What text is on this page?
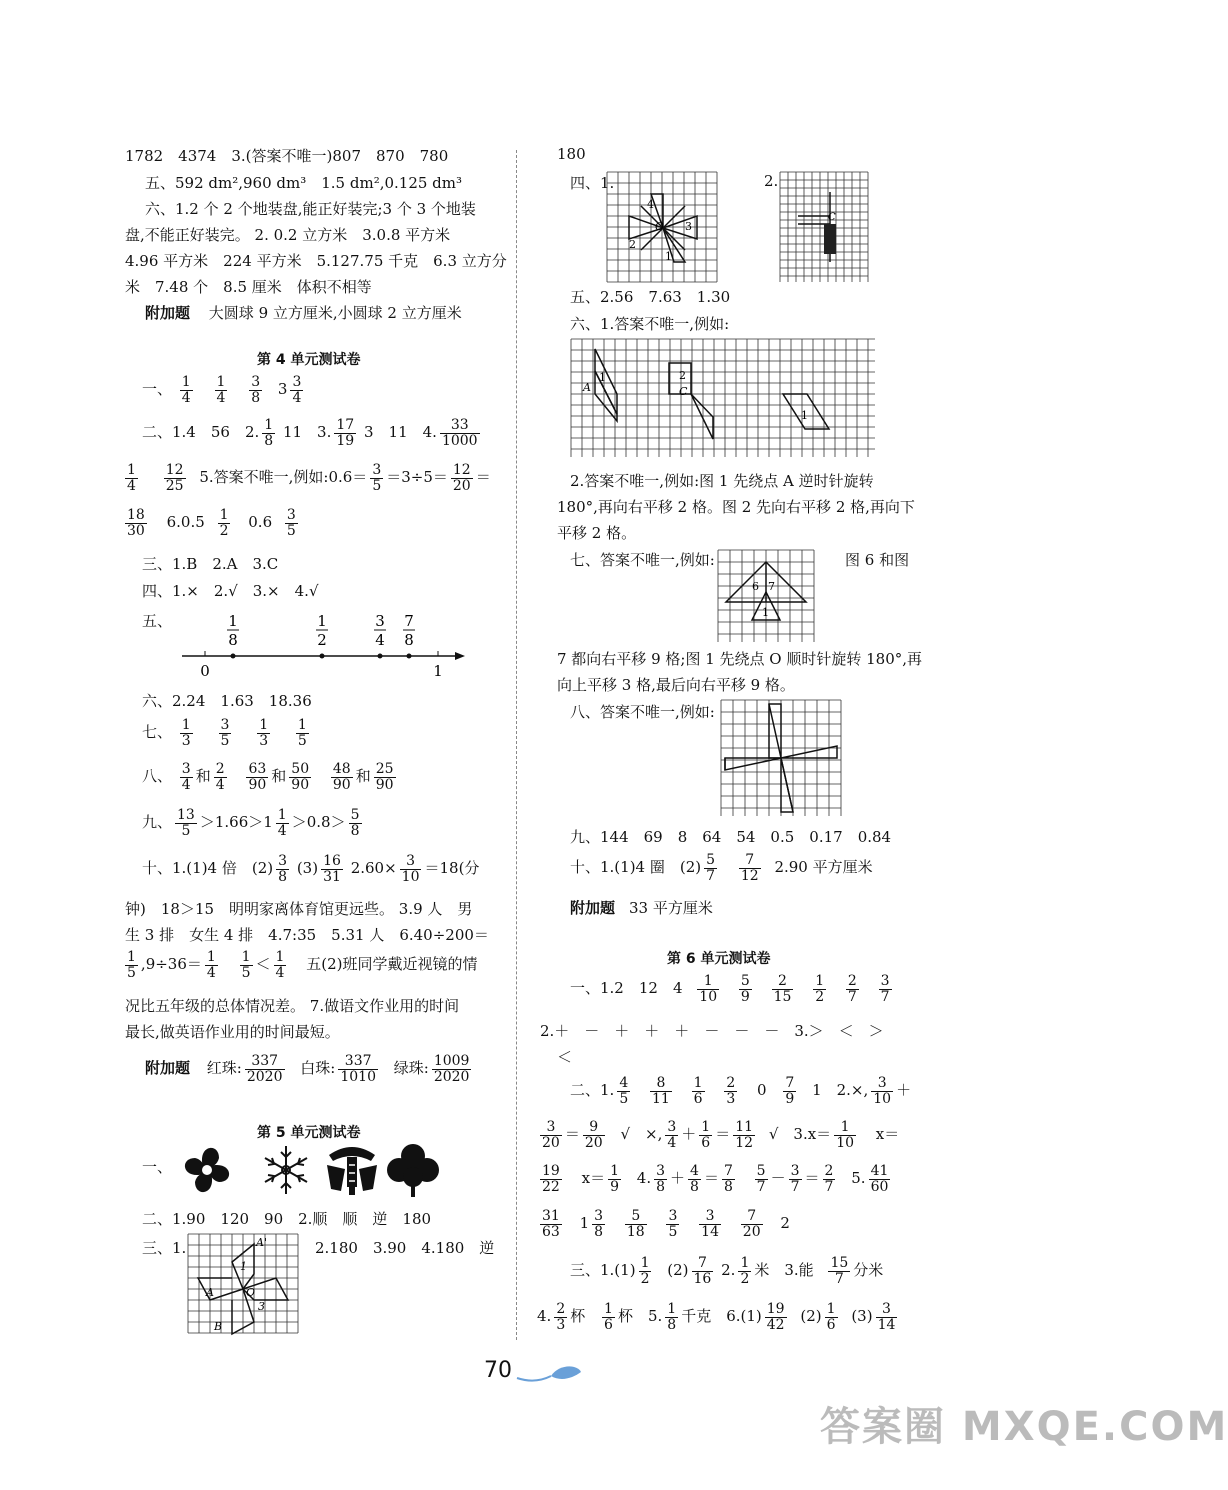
1782　4374　3.(答案不唯一)807　870　780
五、592 dm²,960 dm³　1.5 dm²,0.125 dm³
六、1.2 个 2 个地装盘,能正好装完;3 个 3 个地装
盘,不能正好装完。 2. 0.2 立方米　3.0.8 平方米
4.96 平方米　224 平方米　5.127.75 千克　6.3 立方分
米　7.48 个　8.5 厘米　体积不相等
附加题 大圆球 9 立方厘米,小圆球 2 立方厘米
第 4 单元测试卷
一、 $\frac{1}{4}$
$\frac{1}{4}$
$\frac{3}{8} 3 \frac{3}{4}$
二、1.4　56　2. $\frac{1}{8} 11$　3. $\frac{17}{19} 3$　11　4. $\frac{33}{1000}$
$\frac{1}{4}$
$\frac{12}{25} 5$.答案不唯一,例如:0.6＝ $\frac{3}{5} =3\div 5= \frac{12}{20}$ ＝
$\frac{18}{30} 6.0.5 \frac{1}{2} 0.6 \frac{3}{5}$
三、1.B　2.A　3.C
四、1.×　2.√　3.×　4.√
五、	1
8
1
2
3
4
7
8
0	1
六、2.24　1.63　18.36
七、 $\frac{1}{3}$
$\frac{3}{5}$
$\frac{1}{3}$
$\frac{1}{5}$
八、 $\frac{3}{4}$ 和 $\frac{2}{4}$
$\frac{63}{90}$ 和 $\frac{50}{90}$
$\frac{48}{90}$ 和 $\frac{25}{90}$
九、 $\frac{13}{5} >1.66>1 \frac{1}{4} >0.8> \frac{5}{8}$
十、1.(1)4 倍　$(2) \frac{3}{8} (3) \frac{16}{31} 2.60\times \frac{3}{10} =18$(分
钟)　18＞15　明明家离体育馆更远些。 3.9 人　男
生 3 排　女生 4 排　4.7:35　5.31 人　6.40÷200＝
$\frac{1}{5} ,9\div 36= \frac{1}{4}$
$\frac{1}{5} < \frac{1}{4}$ 五(2)班同学戴近视镜的情
况比五年级的总体情况差。 7.做语文作业用的时间
最长,做英语作业用的时间最短。
附加题 红珠: $\frac{337}{2020}$ 白珠: $\frac{337}{1010}$ 绿珠: $\frac{1009}{2020}$
第 5 单元测试卷
一、
二、1.90　120　90　2.顺　顺　逆　180
三、1.	A'
1
O
3
A
B
2.180　3.90　4.180　逆
180
四、1.
4
3
2
1
O
2.
C
五、2.56　7.63　1.30
六、1.答案不唯一,例如:
1
A
2
C
1
2.答案不唯一,例如:图 1 先绕点 A 逆时针旋转
180°,再向右平移 2 格。图 2 先向右平移 2 格,再向下
平移 2 格。
七、答案不唯一,例如:
6 7
1
图 6 和图
7 都向右平移 9 格;图 1 先绕点 O 顺时针旋转 180°,再
向上平移 3 格,最后向右平移 9 格。
八、答案不唯一,例如:
九、144　69　8　64　54　0.5　0.17　0.84
十、1.(1)4 圈　$(2) \frac{5}{7}$
$\frac{7}{12} 2.90$ 平方厘米
附加题 33 平方厘米
第 6 单元测试卷
一、1.2　12　$4 \frac{1}{10}$
$\frac{5}{9}$
$\frac{2}{15}$
$\frac{1}{2}$
$\frac{2}{7}$
$\frac{3}{7}$
2.＋　－　＋　＋　＋　－　－　－　3.＞　＜　＞
＜
二、1. $\frac{4}{5}$
$\frac{8}{11}$
$\frac{1}{6}$
$\frac{2}{3} 0 \frac{7}{9} 1$　2.×, $\frac{3}{10}$ ＋
$\frac{3}{20} = \frac{9}{20}$ √　×, $\frac{3}{4} + \frac{1}{6} = \frac{11}{12}$ √　$3.x= \frac{1}{10} x=$
$\frac{19}{22} x= \frac{1}{9} 4$. $\frac{3}{8} + \frac{4}{8} = \frac{7}{8}$
$\frac{5}{7} - \frac{3}{7} = \frac{2}{7} 5$. $\frac{41}{60}$
$\frac{31}{63} 1 \frac{3}{8}$
$\frac{5}{18}$
$\frac{3}{5}$
$\frac{3}{14}$
$\frac{7}{20} 2$
三、$1.(1) \frac{1}{2} (2) \frac{7}{16} 2$. $\frac{1}{2}$ 米　3.能 $\frac{15}{7}$ 分米
4. $\frac{2}{3}$ 杯 $\frac{1}{6}$ 杯　5. $\frac{1}{8}$ 千克　$6.(1) \frac{19}{42} (2) \frac{1}{6} (3) \frac{3}{14}$
70
答案圈 MXQE.COM
